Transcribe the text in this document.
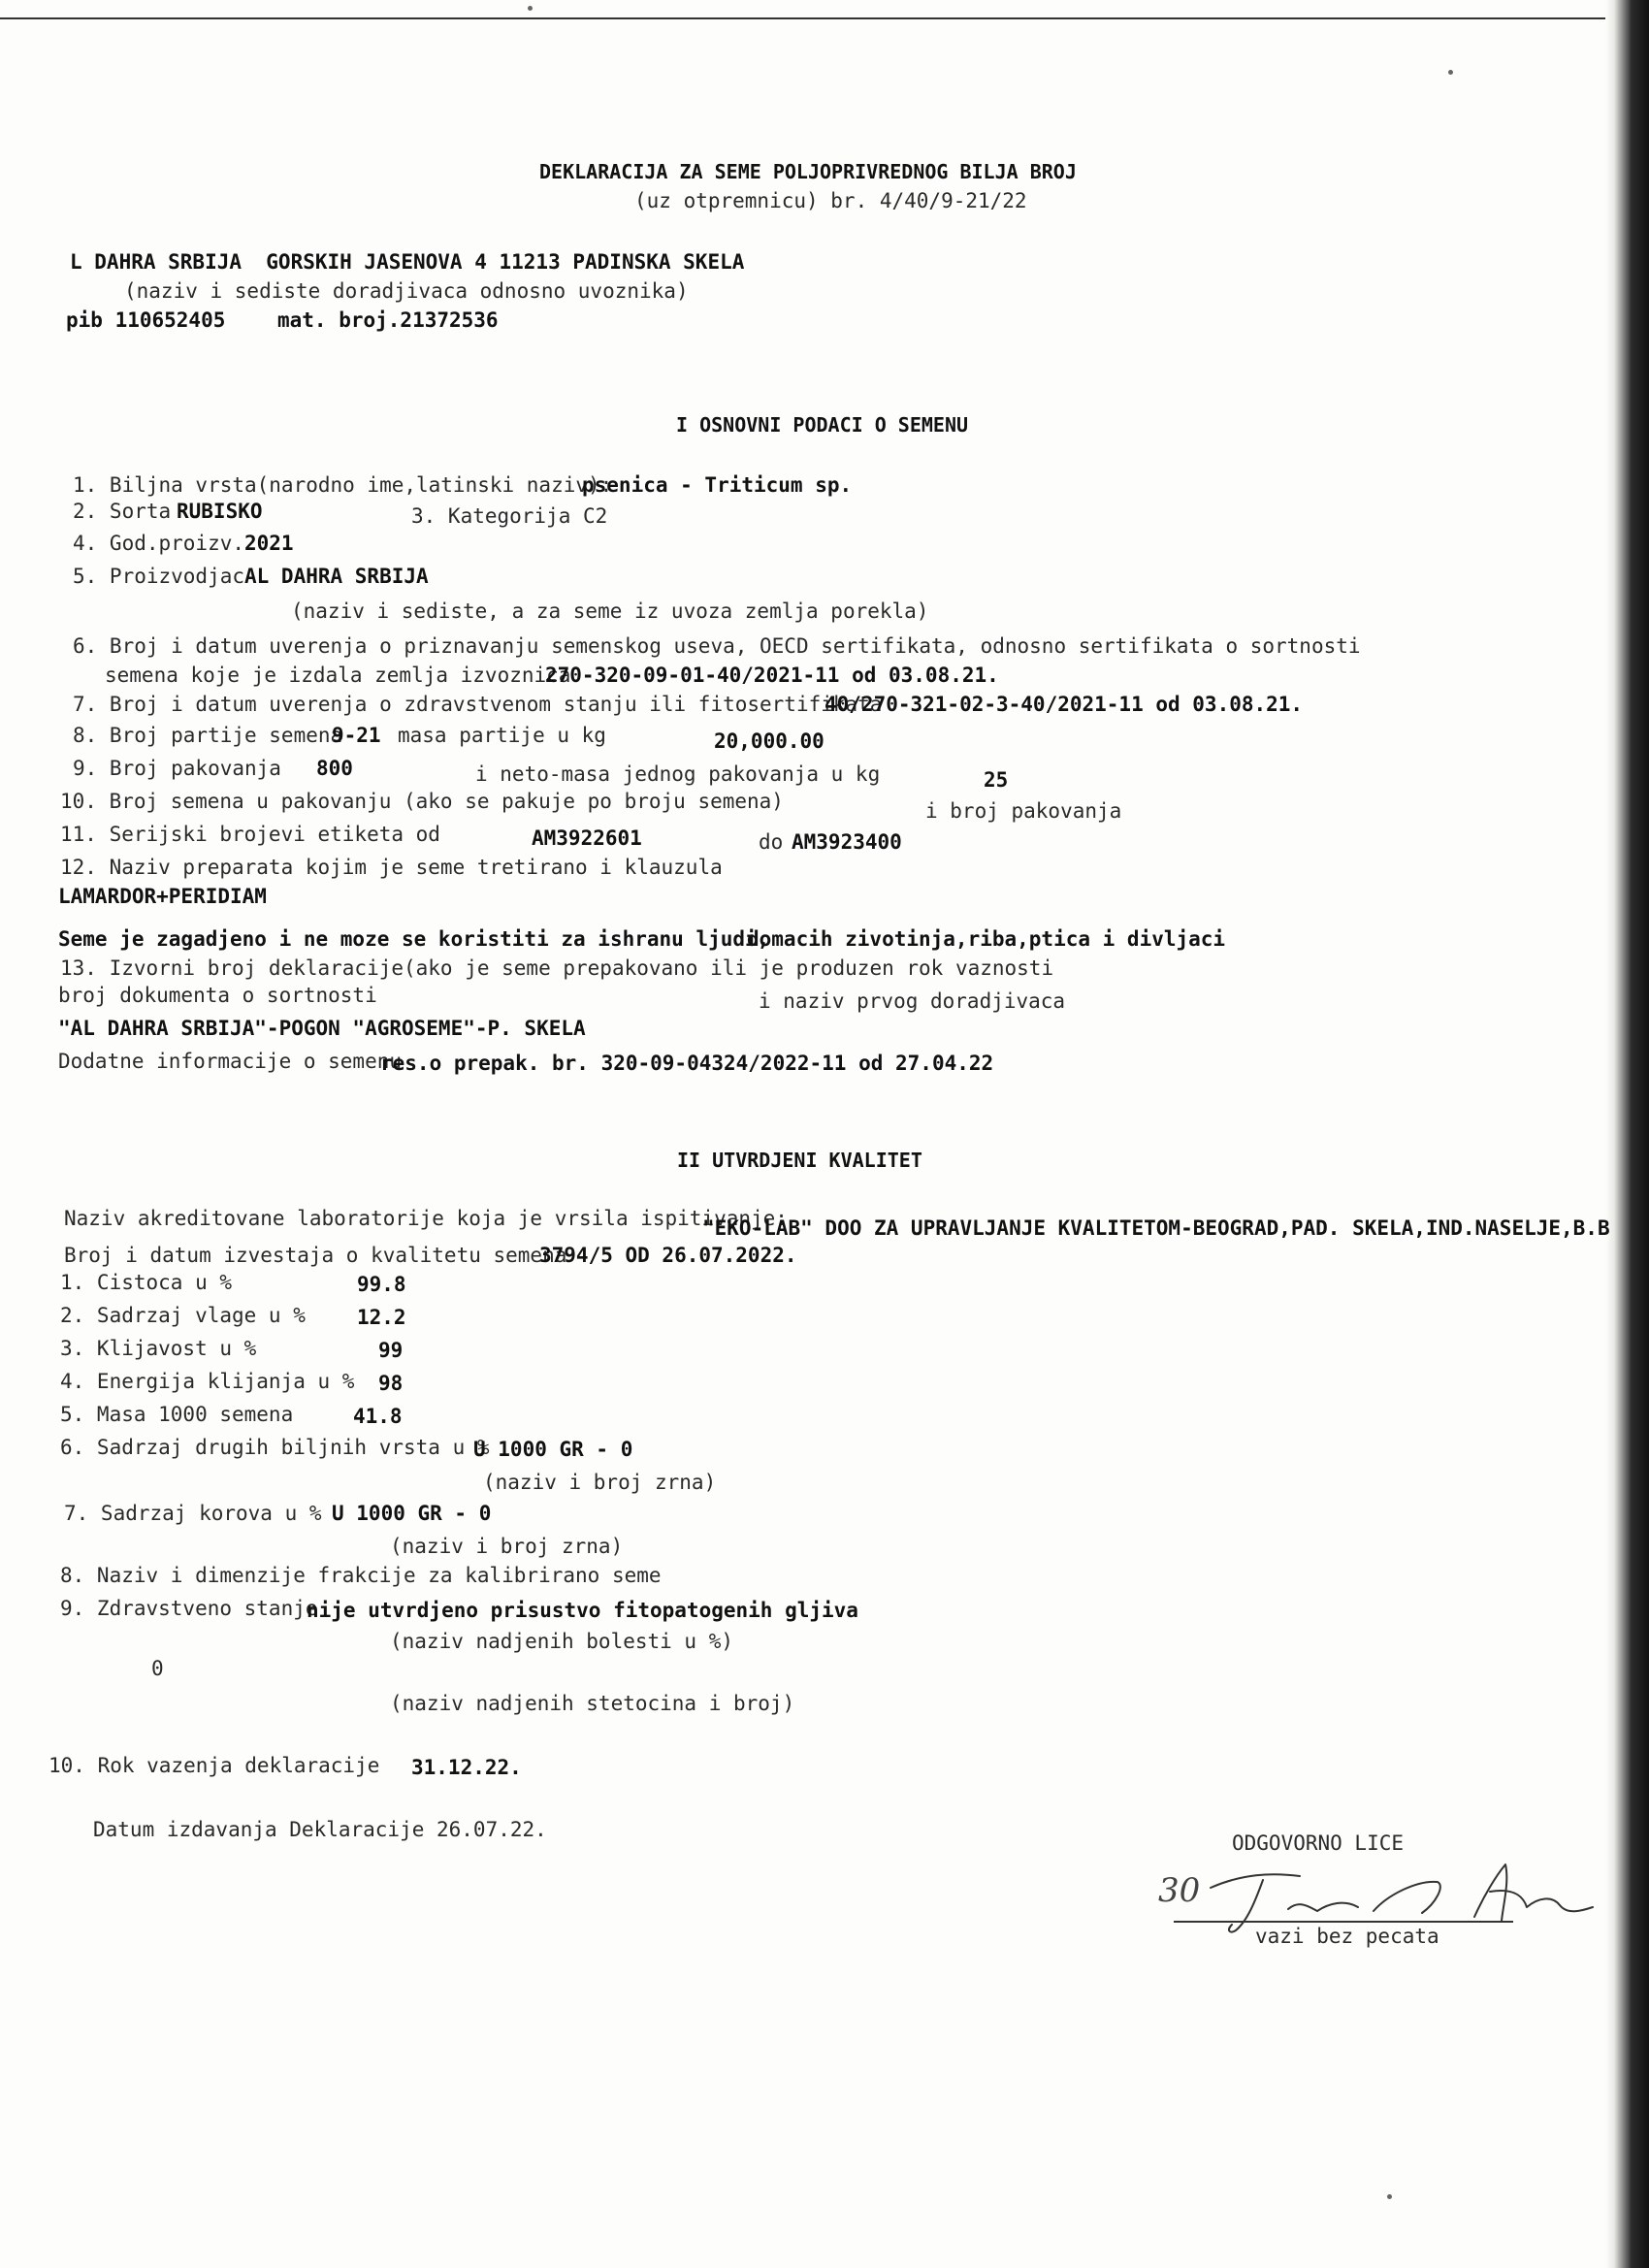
DEKLARACIJA ZA SEME POLJOPRIVREDNOG BILJA BROJ
(uz otpremnicu) br. 4/40/9-21/22
L DAHRA SRBIJA  GORSKIH JASENOVA 4 11213 PADINSKA SKELA
(naziv i sediste doradjivaca odnosno uvoznika)
pib 110652405	mat. broj.21372536
I OSNOVNI PODACI O SEMENU
1. Biljna vrsta(narodno ime,latinski naziv):
psenica - Triticum sp.
2. Sorta RUBISKO	3. Kategorija C2
4. God.proizv. 2021
5. Proizvodjac AL DAHRA SRBIJA
(naziv i sediste, a za seme iz uvoza zemlja porekla)
6. Broj i datum uverenja o priznavanju semenskog useva, OECD sertifikata, odnosno sertifikata o sortnosti
semena koje je izdala zemlja izvoznica
270-320-09-01-40/2021-11 od 03.08.21.
7. Broj i datum uverenja o zdravstvenom stanju ili fitosertifikata
40/270-321-02-3-40/2021-11 od 03.08.21.
8. Broj partije semena
9-21 masa partije u kg	20,000.00
9. Broj pakovanja 800	i neto-masa jednog pakovanja u kg	25
10. Broj semena u pakovanju (ako se pakuje po broju semena)	i broj pakovanja
11. Serijski brojevi etiketa od	AM3922601	do AM3923400
12. Naziv preparata kojim je seme tretirano i klauzula
LAMARDOR+PERIDIAM
Seme je zagadjeno i ne moze se koristiti za ishranu ljudi,
domacih zivotinja,riba,ptica i divljaci
13. Izvorni broj deklaracije(ako je seme prepakovano ili je produzen rok vaznosti
broj dokumenta o sortnosti	i naziv prvog doradjivaca
"AL DAHRA SRBIJA"-POGON "AGROSEME"-P. SKELA
Dodatne informacije o semenu
res.o prepak. br. 320-09-04324/2022-11 od 27.04.22
II UTVRDJENI KVALITET
Naziv akreditovane laboratorije koja je vrsila ispitivanje:
"EKO-LAB" DOO ZA UPRAVLJANJE KVALITETOM-BEOGRAD,PAD. SKELA,IND.NASELJE,B.B
Broj i datum izvestaja o kvalitetu semena
3794/5 OD 26.07.2022.
1. Cistoca u %	99.8
2. Sadrzaj vlage u %	12.2
3. Klijavost u %	99
4. Energija klijanja u % 98
5. Masa 1000 semena	41.8
6. Sadrzaj drugih biljnih vrsta u %
U 1000 GR - 0
(naziv i broj zrna)
7. Sadrzaj korova u % U 1000 GR - 0
(naziv i broj zrna)
8. Naziv i dimenzije frakcije za kalibrirano seme
9. Zdravstveno stanje
nije utvrdjeno prisustvo fitopatogenih gljiva
(naziv nadjenih bolesti u %)
0
(naziv nadjenih stetocina i broj)
10. Rok vazenja deklaracije 31.12.22.
Datum izdavanja Deklaracije 26.07.22.
ODGOVORNO LICE
30
vazi bez pecata
